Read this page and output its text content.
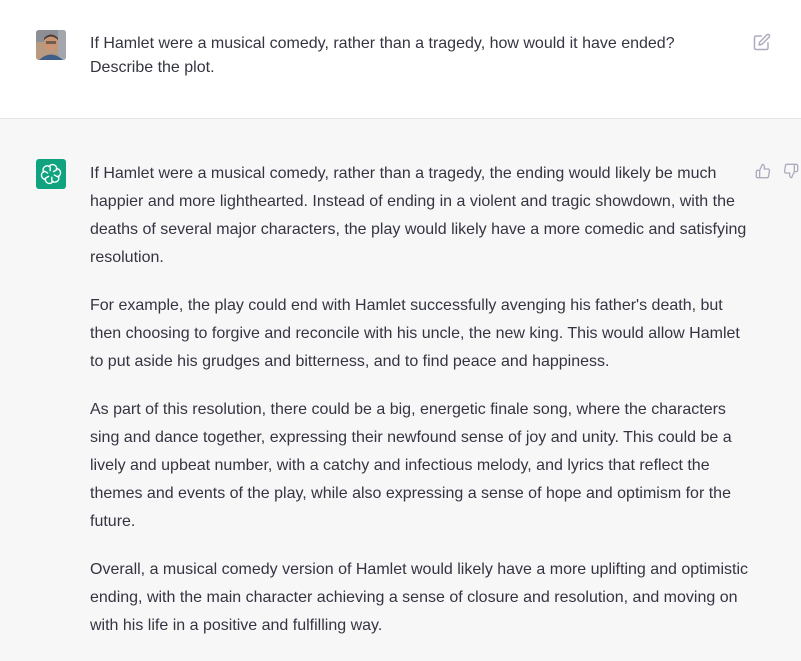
If Hamlet were a musical comedy, rather than a tragedy, how would it have ended? Describe the plot.

If Hamlet were a musical comedy, rather than a tragedy, the ending would likely be much happier and more lighthearted. Instead of ending in a violent and tragic showdown, with the deaths of several major characters, the play would likely have a more comedic and satisfying resolution.

For example, the play could end with Hamlet successfully avenging his father's death, but then choosing to forgive and reconcile with his uncle, the new king. This would allow Hamlet to put aside his grudges and bitterness, and to find peace and happiness.

As part of this resolution, there could be a big, energetic finale song, where the characters sing and dance together, expressing their newfound sense of joy and unity. This could be a lively and upbeat number, with a catchy and infectious melody, and lyrics that reflect the themes and events of the play, while also expressing a sense of hope and optimism for the future.

Overall, a musical comedy version of Hamlet would likely have a more uplifting and optimistic ending, with the main character achieving a sense of closure and resolution, and moving on with his life in a positive and fulfilling way.
